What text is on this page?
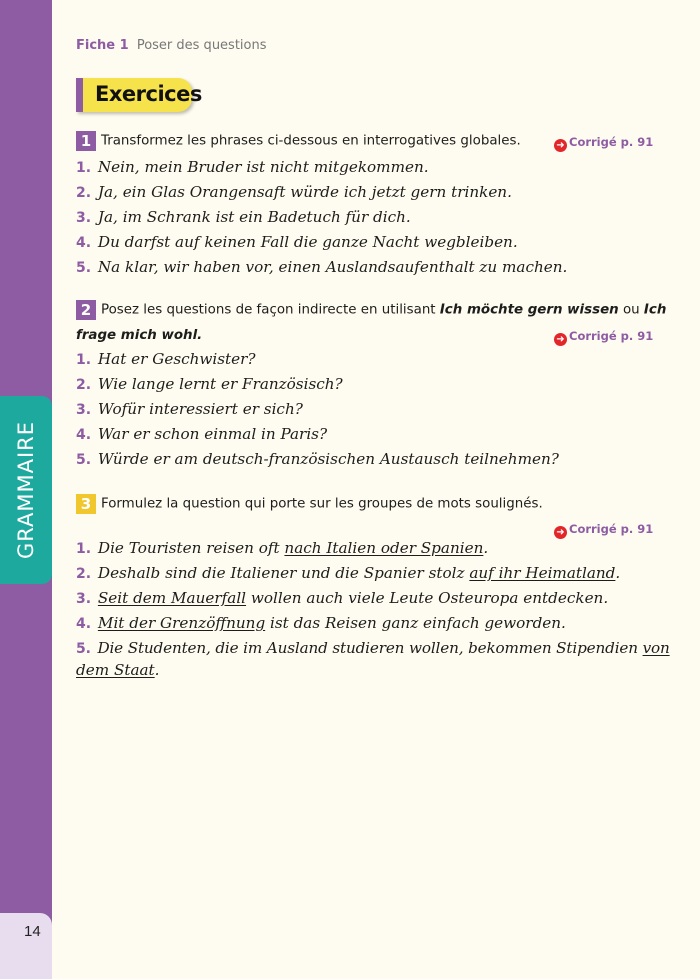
GRAMMAIRE
14
Fiche 1 Poser des questions
Exercices
1 Transformez les phrases ci-dessous en interrogatives globales.	➜ Corrigé p. 91
1. Nein, mein Bruder ist nicht mitgekommen.
2. Ja, ein Glas Orangensaft würde ich jetzt gern trinken.
3. Ja, im Schrank ist ein Badetuch für dich.
4. Du darfst auf keinen Fall die ganze Nacht wegbleiben.
5. Na klar, wir haben vor, einen Auslandsaufenthalt zu machen.
2 Posez les questions de façon indirecte en utilisant Ich möchte gern wissen ou Ich
frage mich wohl.	➜ Corrigé p. 91
1. Hat er Geschwister?
2. Wie lange lernt er Französisch?
3. Wofür interessiert er sich?
4. War er schon einmal in Paris?
5. Würde er am deutsch-französischen Austausch teilnehmen?
3 Formulez la question qui porte sur les groupes de mots soulignés.
➜ Corrigé p. 91
1. Die Touristen reisen oft nach Italien oder Spanien.
2. Deshalb sind die Italiener und die Spanier stolz auf ihr Heimatland.
3. Seit dem Mauerfall wollen auch viele Leute Osteuropa entdecken.
4. Mit der Grenzöffnung ist das Reisen ganz einfach geworden.
5. Die Studenten, die im Ausland studieren wollen, bekommen Stipendien von
dem Staat.
